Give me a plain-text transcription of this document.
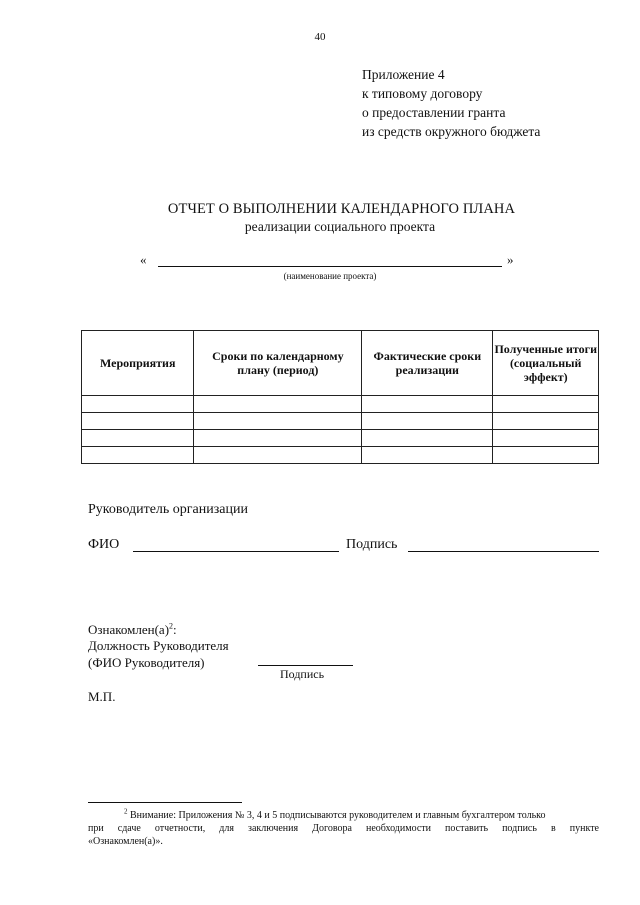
40
Приложение 4
к типовому договору
о предоставлении гранта
из средств окружного бюджета
ОТЧЕТ О ВЫПОЛНЕНИИ КАЛЕНДАРНОГО ПЛАНА
реализации социального проекта
«	»
(наименование проекта)
Мероприятия	Сроки по календарному плану (период)	Фактические сроки реализации	Полученные итоги (социальный эффект)

Руководитель организации
ФИО	Подпись
$Ознакомлен(а)^2$:
Должность Руководителя
(ФИО Руководителя)
Подпись
М.П.
$^2$ Внимание: Приложения № 3, 4 и 5 подписываются руководителем и главным бухгалтером только
при сдаче отчетности, для заключения Договора необходимости поставить подпись в пункте
«Ознакомлен(а)».
